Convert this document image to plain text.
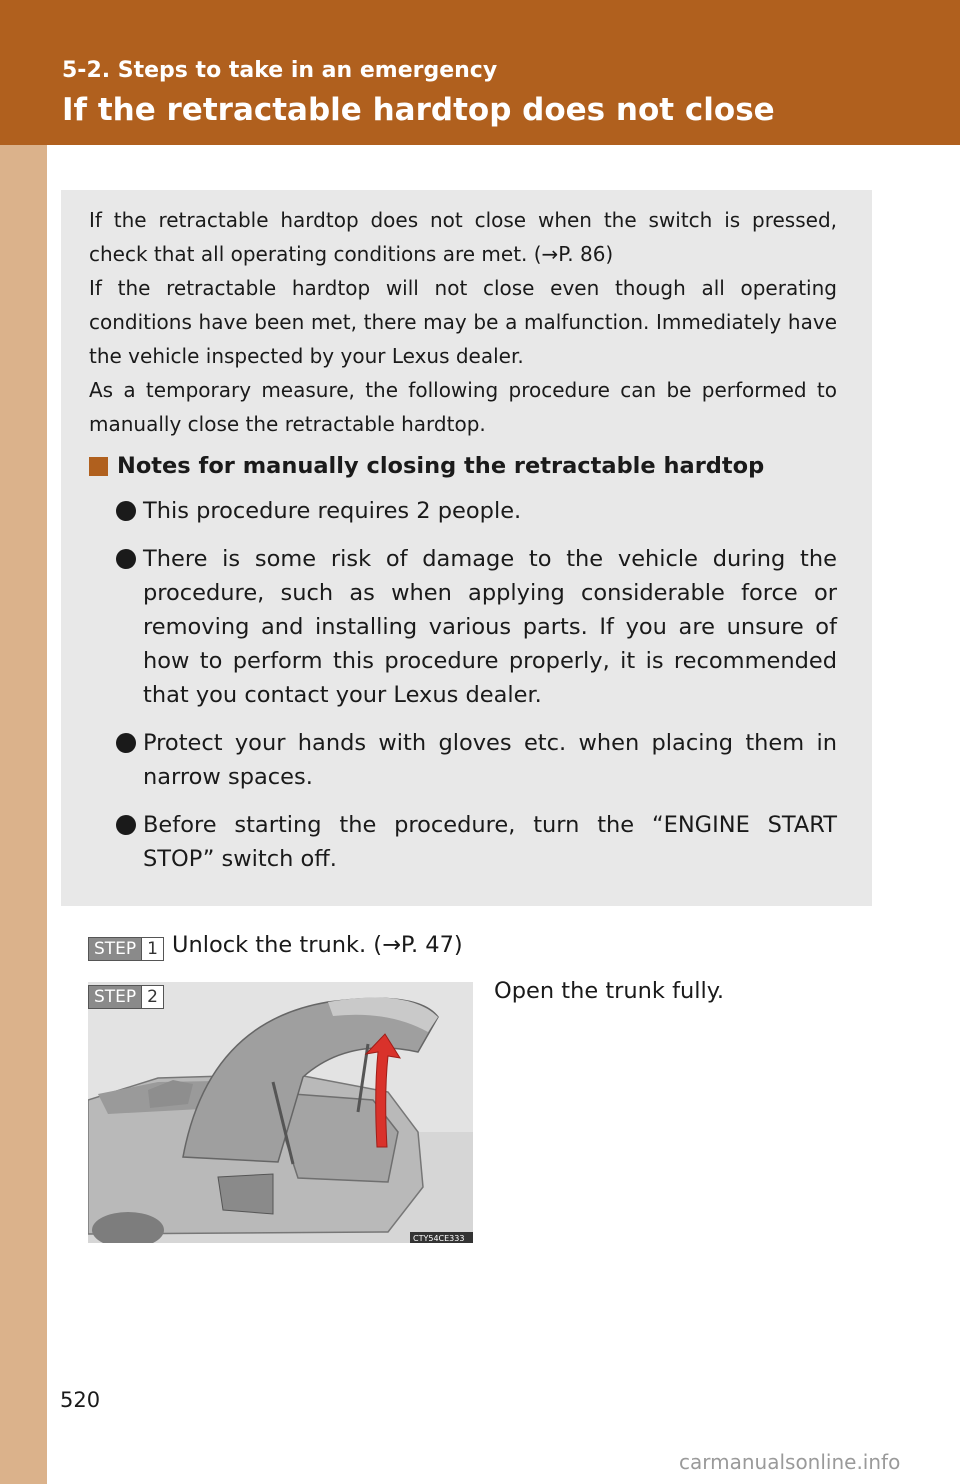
5-2. Steps to take in an emergency
If the retractable hardtop does not close

If the retractable hardtop does not close when the switch is pressed, check that all operating conditions are met. (→P. 86)
If the retractable hardtop will not close even though all operating conditions have been met, there may be a malfunction. Immediately have the vehicle inspected by your Lexus dealer.
As a temporary measure, the following procedure can be performed to manually close the retractable hardtop.

Notes for manually closing the retractable hardtop
This procedure requires 2 people.
There is some risk of damage to the vehicle during the procedure, such as when applying considerable force or removing and installing various parts. If you are unsure of how to perform this procedure properly, it is recommended that you contact your Lexus dealer.
Protect your hands with gloves etc. when placing them in narrow spaces.
Before starting the procedure, turn the “ENGINE START STOP” switch off.
STEP 1 Unlock the trunk. (→P. 47)
CTY54CE333
STEP 2	Open the trunk fully.
520
carmanualsonline.info
